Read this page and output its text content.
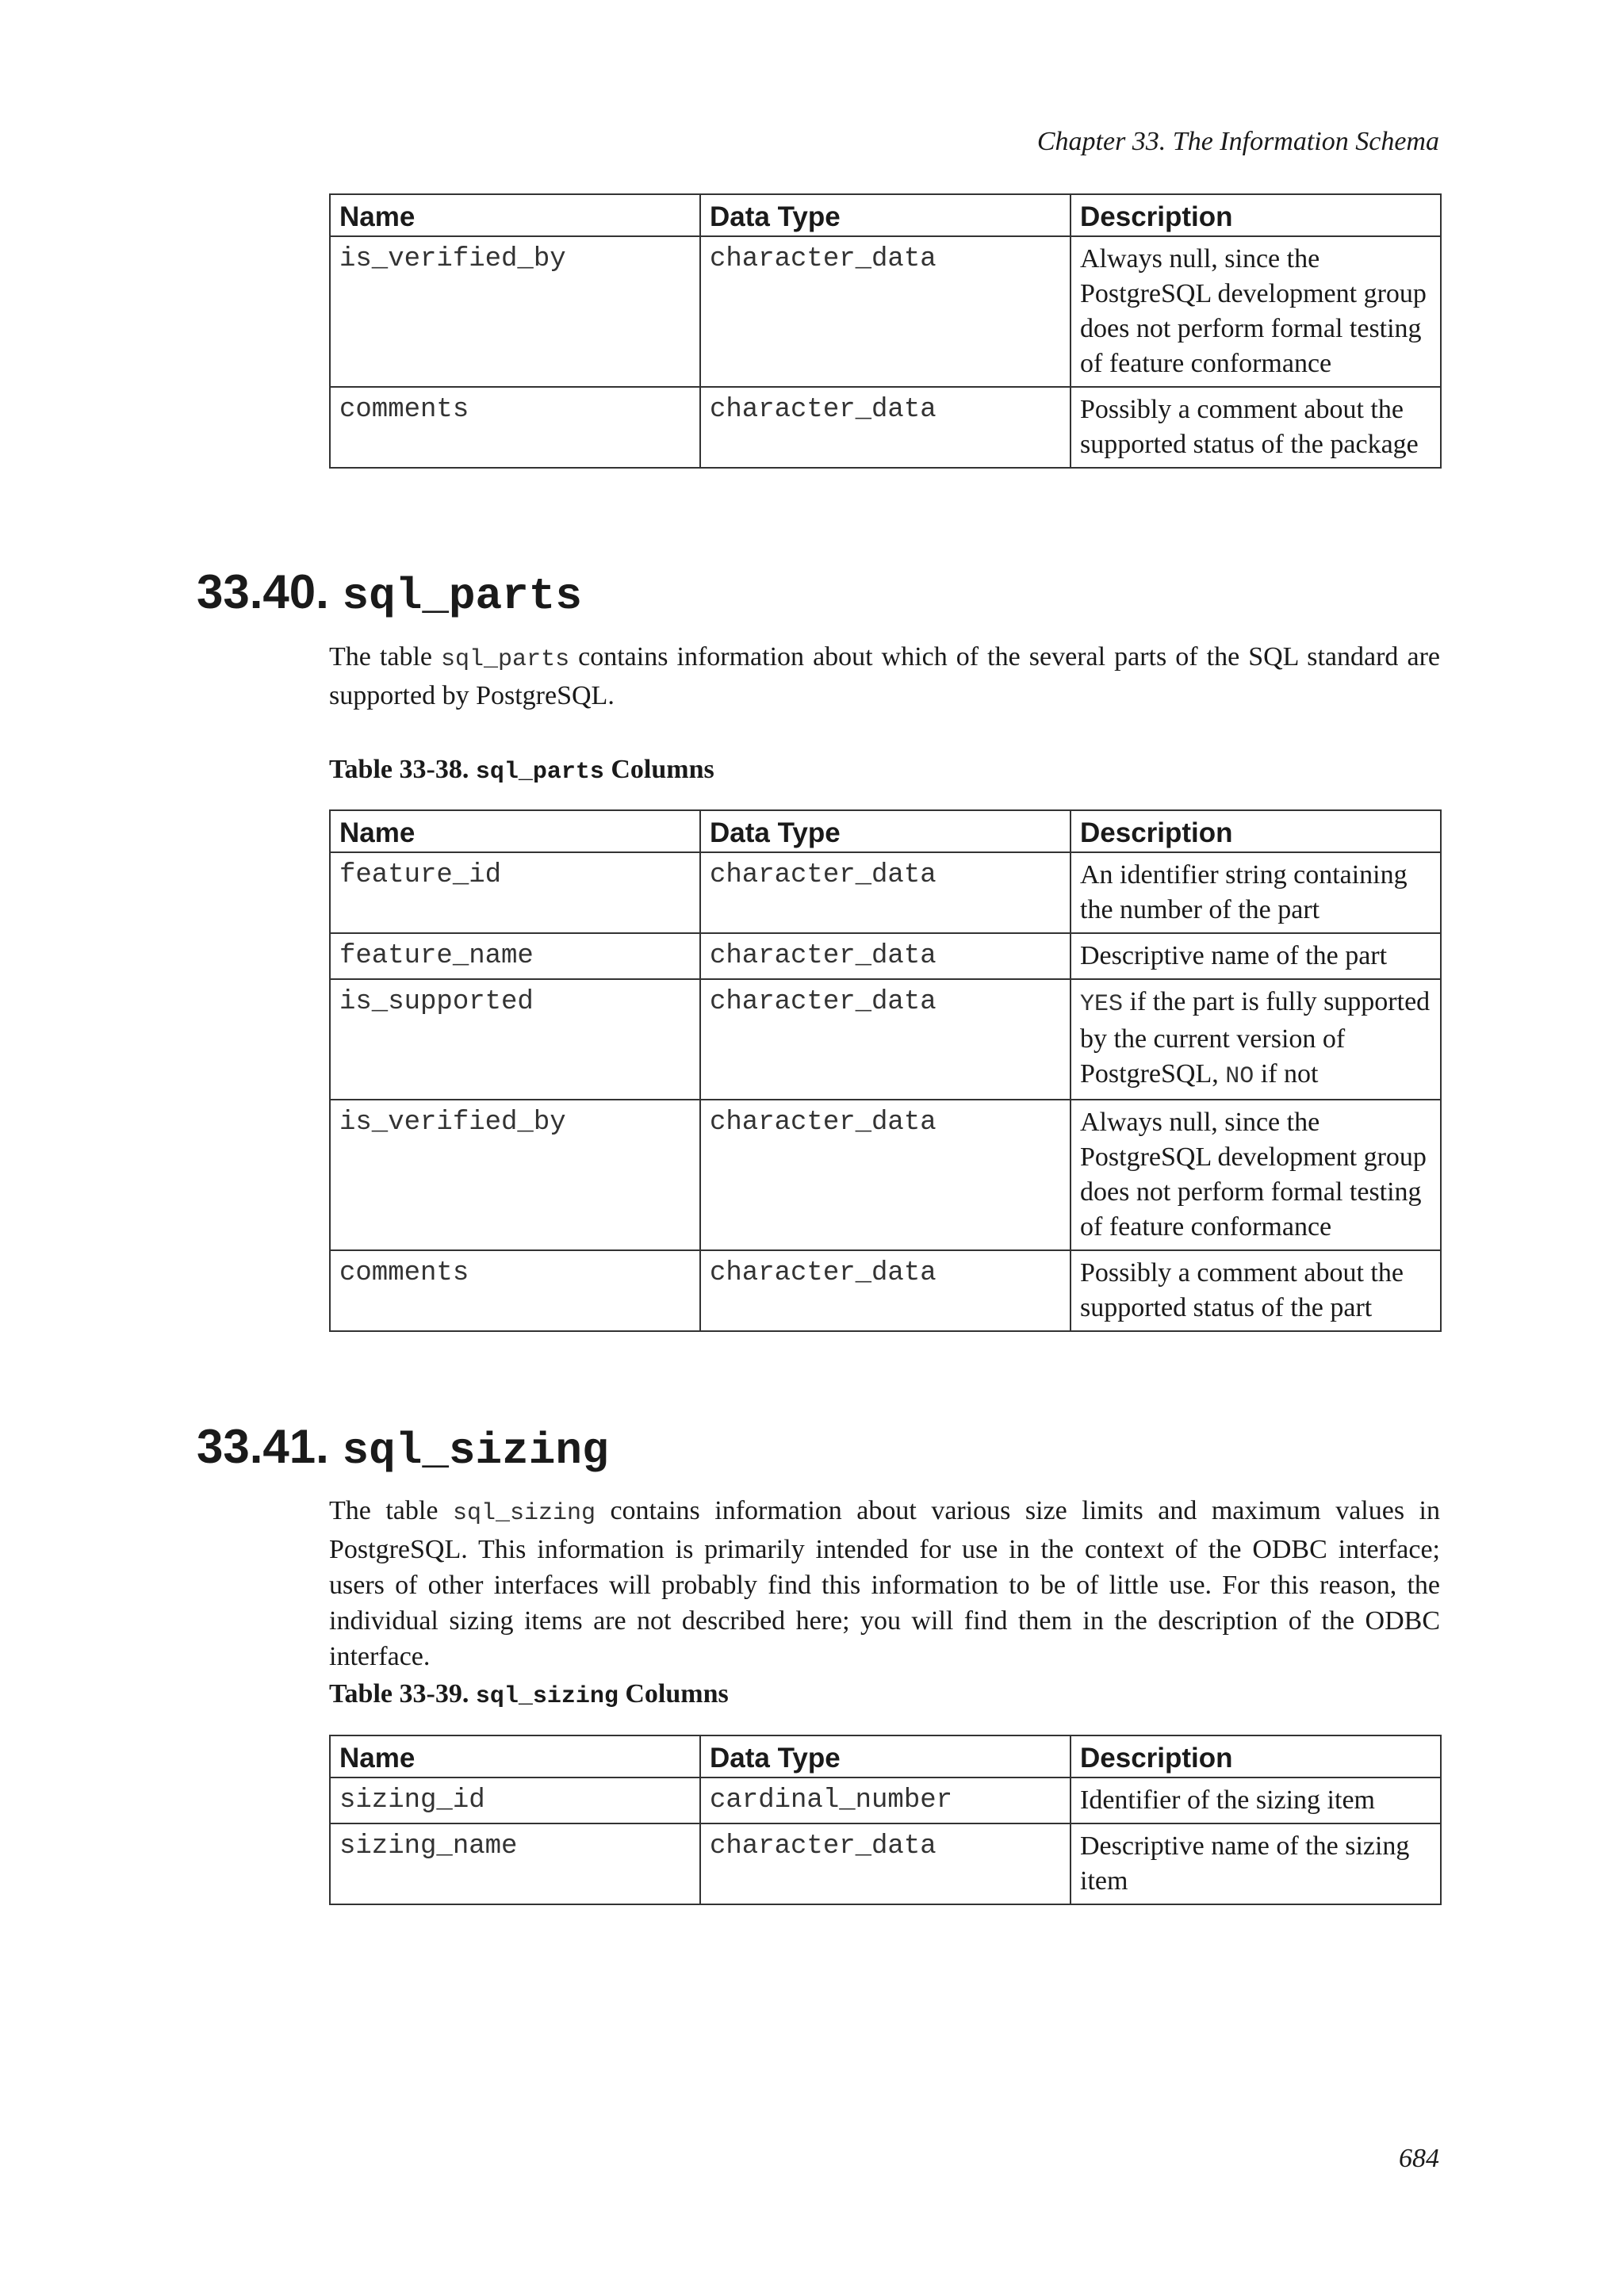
Chapter 33. The Information Schema
Name	Data Type	Description
is_verified_by	character_data	Always null, since the PostgreSQL development group does not perform formal testing of feature conformance
comments	character_data	Possibly a comment about the supported status of the package
33.40. sql_parts

The table sql_parts contains information about which of the several parts of the SQL standard are supported by PostgreSQL.

Table 33-38. sql_parts Columns
Name	Data Type	Description
feature_id	character_data	An identifier string containing the number of the part
feature_name	character_data	Descriptive name of the part
is_supported	character_data	YES if the part is fully supported by the current version of PostgreSQL, NO if not
is_verified_by	character_data	Always null, since the PostgreSQL development group does not perform formal testing of feature conformance
comments	character_data	Possibly a comment about the supported status of the part
33.41. sql_sizing

The table sql_sizing contains information about various size limits and maximum values in PostgreSQL. This information is primarily intended for use in the context of the ODBC interface; users of other interfaces will probably find this information to be of little use. For this reason, the individual sizing items are not described here; you will find them in the description of the ODBC interface.

Table 33-39. sql_sizing Columns
Name	Data Type	Description
sizing_id	cardinal_number	Identifier of the sizing item
sizing_name	character_data	Descriptive name of the sizing item
684
